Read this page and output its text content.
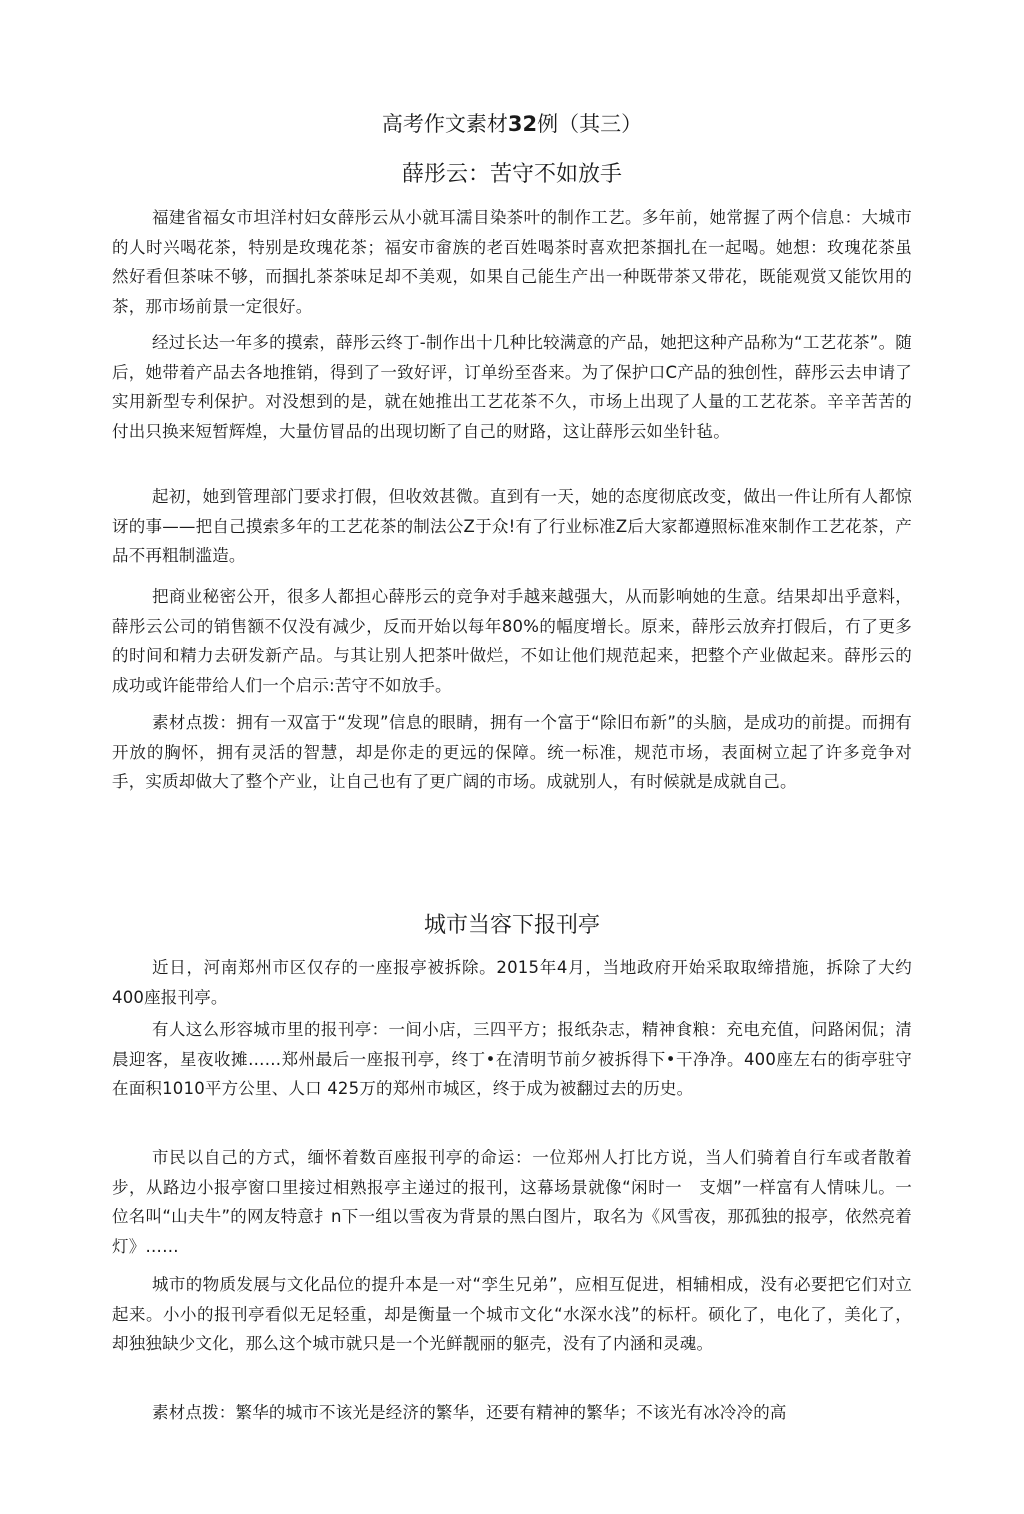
高考作文素材32例（其三）
薛彤云：苦守不如放手

福建省福女市坦洋村妇女薛彤云从小就耳濡目染茶叶的制作工艺。多年前，她常握了两个信息：大城市的人时兴喝花茶，特别是玫瑰花茶；福安市畲族的老百姓喝茶时喜欢把茶掴扎在一起喝。她想：玫瑰花茶虽然好看但茶味不够，而掴扎茶茶味足却不美观，如果自己能生产出一种既带茶又带花，既能观赏又能饮用的茶，那市场前景一定很好。

经过长达一年多的摸索，薛彤云终丁-制作出十几种比较满意的产品，她把这种产品称为“工艺花茶”。随后，她带着产品去各地推销，得到了一致好评，订单纷至沓来。为了保护口C产品的独创性，薛彤云去申请了实用新型专利保护。对没想到的是，就在她推出工艺花茶不久，市场上出现了人量的工艺花茶。辛辛苦苦的付出只换来短暂辉煌，大量仿冒品的出现切断了自己的财路，这让薛彤云如坐针毡。

起初，她到管理部门要求打假，但收效甚微。直到有一天，她的态度彻底改变，做出一件让所有人都惊讶的事——把自己摸索多年的工艺花茶的制法公Z于众!有了行业标准Z后大家都遵照标准來制作工艺花茶，产品不再粗制滥造。

把商业秘密公开，很多人都担心薛彤云的竞争对手越来越强大，从而影响她的生意。结果却出乎意料，薛彤云公司的销售额不仅没有减少，反而开始以每年80%的幅度增长。原来，薛彤云放弃打假后，冇了更多的时间和精力去研发新产品。与其让别人把茶叶做烂，不如让他们规范起来，把整个产业做起来。薛彤云的成功或许能带给人们一个启示:苦守不如放手。

素材点拨：拥有一双富于“发现”信息的眼睛，拥有一个富于“除旧布新”的头脑，是成功的前提。而拥有开放的胸怀，拥有灵活的智慧，却是你走的更远的保障。统一标准，规范市场，表面树立起了许多竞争对手，实质却做大了整个产业，让自己也有了更广阔的市场。成就别人，有时候就是成就自己。

城市当容下报刊亭

近日，河南郑州市区仅存的一座报亭被拆除。2015年4月，当地政府开始采取取缔措施，拆除了大约400座报刊亭。

有人这么形容城市里的报刊亭：一间小店，三四平方；报纸杂志，精神食粮：充电充值，问路闲侃；清晨迎客，星夜收摊……郑州最后一座报刊亭，终丁•在清明节前夕被拆得下•干净净。400座左右的街亭驻守在面积1010平方公里、人口 425万的郑州市城区，终于成为被翻过去的历史。

市民以自己的方式，缅怀着数百座报刊亭的命运：一位郑州人打比方说，当人们骑着自行车或者散着步，从路边小报亭窗口里接过相熟报亭主递过的报刊，这幕场景就像“闲时一　支烟”一样富有人情味儿。一位名叫“山夫牛”的网友特意扌n下一组以雪夜为背景的黑白图片，取名为《风雪夜，那孤独的报亭，依然亮着灯》……

城市的物质发展与文化品位的提升本是一对“孪生兄弟”，应相互促进，相辅相成，没有必要把它们对立起来。小小的报刊亭看似无足轻重，却是衡量一个城市文化“水深水浅”的标杆。硕化了，电化了，美化了，却独独缺少文化，那么这个城市就只是一个光鲜靓丽的躯壳，没有了内涵和灵魂。

素材点拨：繁华的城市不该光是经济的繁华，还要有精神的繁华；不该光有冰冷冷的高
